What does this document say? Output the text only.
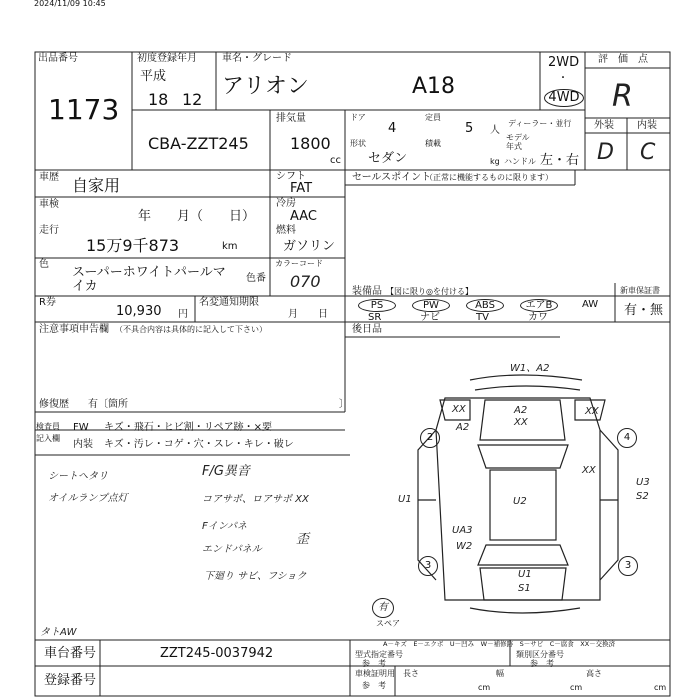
2024/11/09 10:45
出品番号
1173
初度登録年月
平成
18 12
車名・グレード
アリオン	A18
2WD
・
4WD
CBA-ZZT245
排気量
1800
cc
ドア
4
定員
5 人
ディーラー・並行
モデル
年式
形状
セダン
積載
kg ハンドル 左・右
評　価　点
R
外装 内装
D C
車歴 自家用
車検
年　　月（　　日）
走行
15万9千873	km
色
スーパーホワイトパールマ
イカ
色番
カラーコード
070
シフト
FAT
冷房
AAC
燃料
ガソリン
R券
10,930 円
名変通知期限
月　　日
注意事項申告欄 （不具合内容は具体的に記入して下さい）
修復歴 有〔箇所	〕
セールスポイント
（正常に機能するものに限ります）
装備品 【図に限り◎を付ける】
PS	PW	ABS	エアB	AW
SR	ナビ	TV	カワ
新車保証書
有・無
後日品
検査員
記入欄
FW キズ・飛石・ヒビ割・リペア跡・×要
内装 キズ・汚レ・コゲ・穴・スレ・キレ・破レ
シートヘタリ
オイルランプ点灯
F/G異音
コアサポ、ロアサポ XX
Fインパネ
エンドパネル
歪
下廻り サビ、フショク
タトAW
W1、A2
A2
XX
XX
A2
XX
XX
U2
U1
U3
S2
UA3
W2
U1
S1
2	4
3	3
有
スペア
A－キズ　E－エクボ　U－凹み　W－補修跡　S－サビ　C－腐食　XX－交換済
車台番号	ZZT245-0037942
登録番号
型式指定番号
参　考
類別区分番号
参　考
車検証明用
参　考
長さ
cm
幅
cm
高さ
cm
